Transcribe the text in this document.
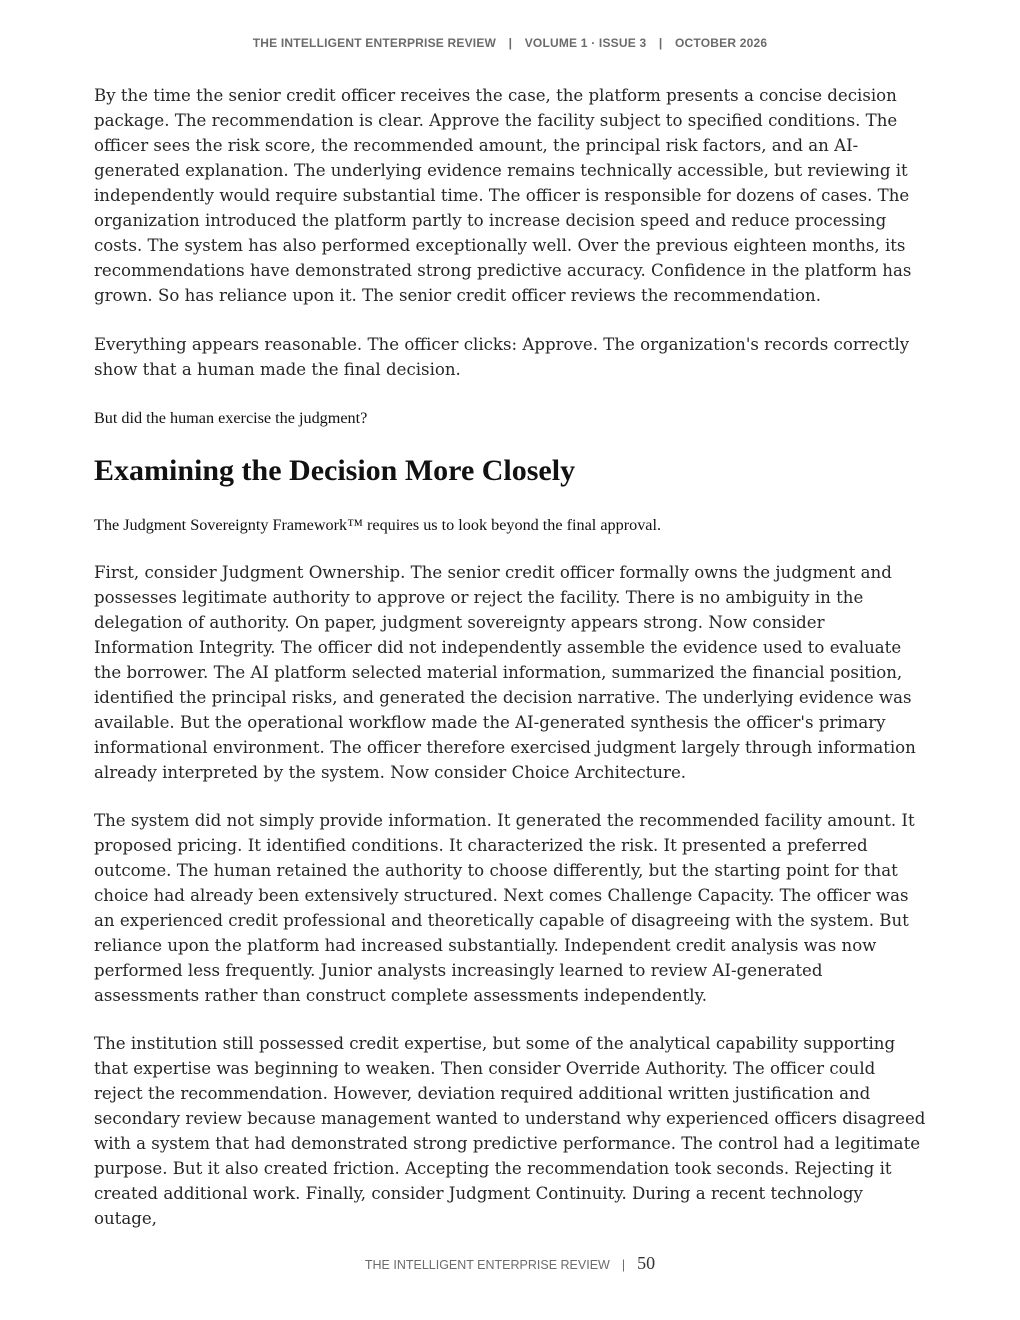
THE INTELLIGENT ENTERPRISE REVIEW | VOLUME 1 · ISSUE 3 | OCTOBER 2026

By the time the senior credit officer receives the case, the platform presents a concise decision package. The recommendation is clear. Approve the facility subject to specified conditions. The officer sees the risk score, the recommended amount, the principal risk factors, and an AI-generated explanation. The underlying evidence remains technically accessible, but reviewing it independently would require substantial time. The officer is responsible for dozens of cases. The organization introduced the platform partly to increase decision speed and reduce processing costs. The system has also performed exceptionally well. Over the previous eighteen months, its recommendations have demonstrated strong predictive accuracy. Confidence in the platform has grown. So has reliance upon it. The senior credit officer reviews the recommendation.

Everything appears reasonable. The officer clicks: Approve. The organization's records correctly show that a human made the final decision.

But did the human exercise the judgment?

Examining the Decision More Closely

The Judgment Sovereignty Framework™ requires us to look beyond the final approval.

First, consider Judgment Ownership. The senior credit officer formally owns the judgment and possesses legitimate authority to approve or reject the facility. There is no ambiguity in the delegation of authority. On paper, judgment sovereignty appears strong. Now consider Information Integrity. The officer did not independently assemble the evidence used to evaluate the borrower. The AI platform selected material information, summarized the financial position, identified the principal risks, and generated the decision narrative. The underlying evidence was available. But the operational workflow made the AI-generated synthesis the officer's primary informational environment. The officer therefore exercised judgment largely through information already interpreted by the system. Now consider Choice Architecture.

The system did not simply provide information. It generated the recommended facility amount. It proposed pricing. It identified conditions. It characterized the risk. It presented a preferred outcome. The human retained the authority to choose differently, but the starting point for that choice had already been extensively structured. Next comes Challenge Capacity. The officer was an experienced credit professional and theoretically capable of disagreeing with the system. But reliance upon the platform had increased substantially. Independent credit analysis was now performed less frequently. Junior analysts increasingly learned to review AI-generated assessments rather than construct complete assessments independently.

The institution still possessed credit expertise, but some of the analytical capability supporting that expertise was beginning to weaken. Then consider Override Authority. The officer could reject the recommendation. However, deviation required additional written justification and secondary review because management wanted to understand why experienced officers disagreed with a system that had demonstrated strong predictive performance. The control had a legitimate purpose. But it also created friction. Accepting the recommendation took seconds. Rejecting it created additional work. Finally, consider Judgment Continuity. During a recent technology outage,

THE INTELLIGENT ENTERPRISE REVIEW | 50
